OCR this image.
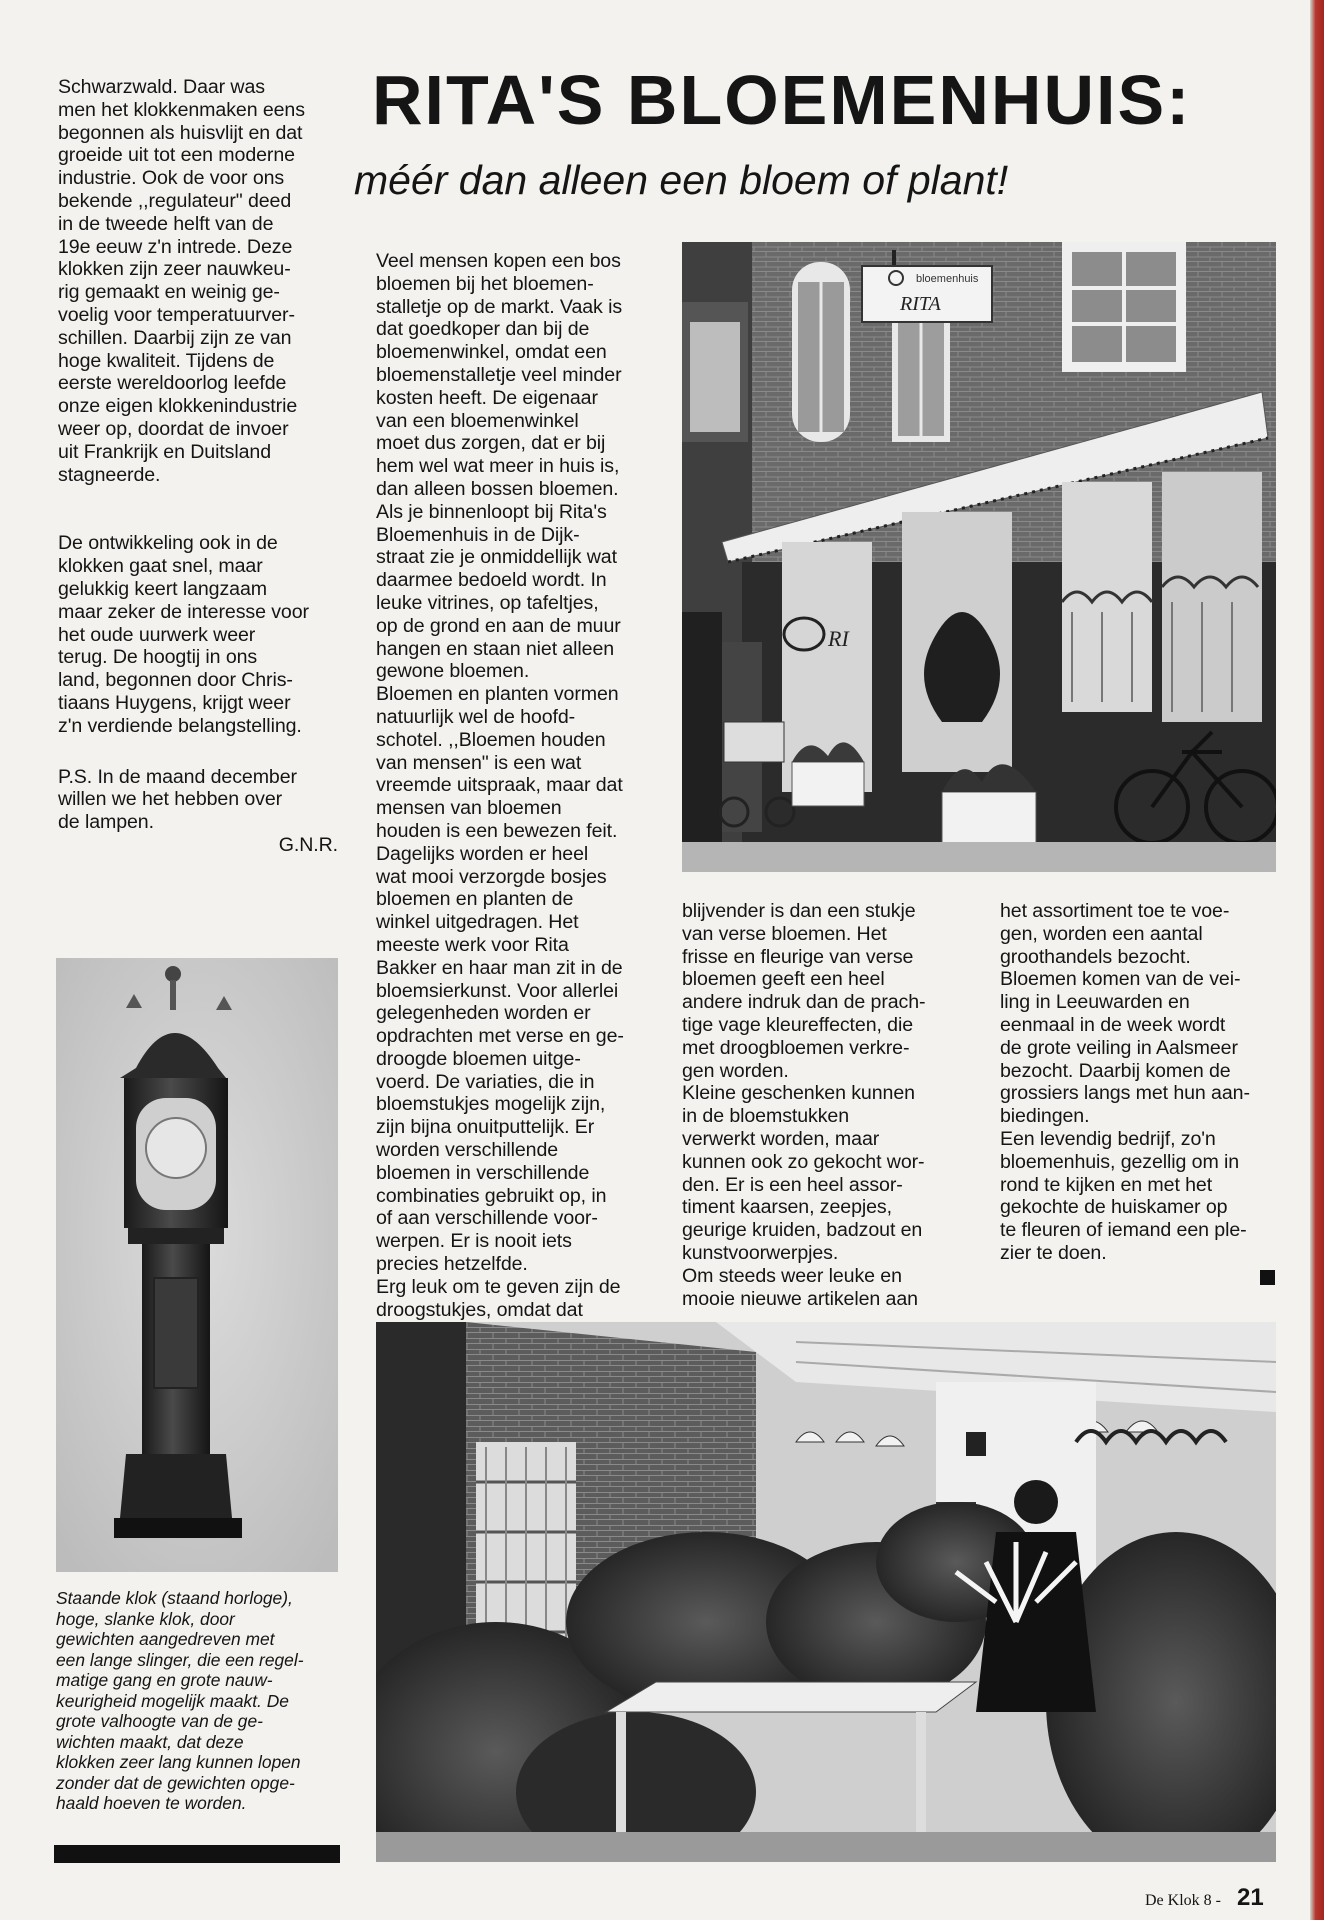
Schwarzwald. Daar was
men het klokkenmaken eens
begonnen als huisvlijt en dat
groeide uit tot een moderne
industrie. Ook de voor ons
bekende ,,regulateur" deed
in de tweede helft van de
19e eeuw z'n intrede. Deze
klokken zijn zeer nauwkeu-
rig gemaakt en weinig ge-
voelig voor temperatuurver-
schillen. Daarbij zijn ze van
hoge kwaliteit. Tijdens de
eerste wereldoorlog leefde
onze eigen klokkenindustrie
weer op, doordat de invoer
uit Frankrijk en Duitsland
stagneerde.

De ontwikkeling ook in de
klokken gaat snel, maar
gelukkig keert langzaam
maar zeker de interesse voor
het oude uurwerk weer
terug. De hoogtij in ons
land, begonnen door Chris-
tiaans Huygens, krijgt weer
z'n verdiende belangstelling.

P.S. In de maand december
willen we het hebben over
de lampen.

G.N.R.

RITA'S BLOEMENHUIS:
méér dan alleen een bloem of plant!
Staande klok (staand horloge),
hoge, slanke klok, door
gewichten aangedreven met
een lange slinger, die een regel-
matige gang en grote nauw-
keurigheid mogelijk maakt. De
grote valhoogte van de ge-
wichten maakt, dat deze
klokken zeer lang kunnen lopen
zonder dat de gewichten opge-
haald hoeven te worden.
bloemenhuis
RITA
RI
Veel mensen kopen een bos
bloemen bij het bloemen-
stalletje op de markt. Vaak is
dat goedkoper dan bij de
bloemenwinkel, omdat een
bloemenstalletje veel minder
kosten heeft. De eigenaar
van een bloemenwinkel
moet dus zorgen, dat er bij
hem wel wat meer in huis is,
dan alleen bossen bloemen.
Als je binnenloopt bij Rita's
Bloemenhuis in de Dijk-
straat zie je onmiddellijk wat
daarmee bedoeld wordt. In
leuke vitrines, op tafeltjes,
op de grond en aan de muur
hangen en staan niet alleen
gewone bloemen.
Bloemen en planten vormen
natuurlijk wel de hoofd-
schotel. ,,Bloemen houden
van mensen" is een wat
vreemde uitspraak, maar dat
mensen van bloemen
houden is een bewezen feit.
Dagelijks worden er heel
wat mooi verzorgde bosjes
bloemen en planten de
winkel uitgedragen. Het
meeste werk voor Rita
Bakker en haar man zit in de
bloemsierkunst. Voor allerlei
gelegenheden worden er
opdrachten met verse en ge-
droogde bloemen uitge-
voerd. De variaties, die in
bloemstukjes mogelijk zijn,
zijn bijna onuitputtelijk. Er
worden verschillende
bloemen in verschillende
combinaties gebruikt op, in
of aan verschillende voor-
werpen. Er is nooit iets
precies hetzelfde.
Erg leuk om te geven zijn de
droogstukjes, omdat dat
blijvender is dan een stukje
van verse bloemen. Het
frisse en fleurige van verse
bloemen geeft een heel
andere indruk dan de prach-
tige vage kleureffecten, die
met droogbloemen verkre-
gen worden.
Kleine geschenken kunnen
in de bloemstukken
verwerkt worden, maar
kunnen ook zo gekocht wor-
den. Er is een heel assor-
timent kaarsen, zeepjes,
geurige kruiden, badzout en
kunstvoorwerpjes.
Om steeds weer leuke en
mooie nieuwe artikelen aan
het assortiment toe te voe-
gen, worden een aantal
groothandels bezocht.
Bloemen komen van de vei-
ling in Leeuwarden en
eenmaal in de week wordt
de grote veiling in Aalsmeer
bezocht. Daarbij komen de
grossiers langs met hun aan-
biedingen.
Een levendig bedrijf, zo'n
bloemenhuis, gezellig om in
rond te kijken en met het
gekochte de huiskamer op
te fleuren of iemand een ple-
zier te doen.
De Klok 8 - 21
